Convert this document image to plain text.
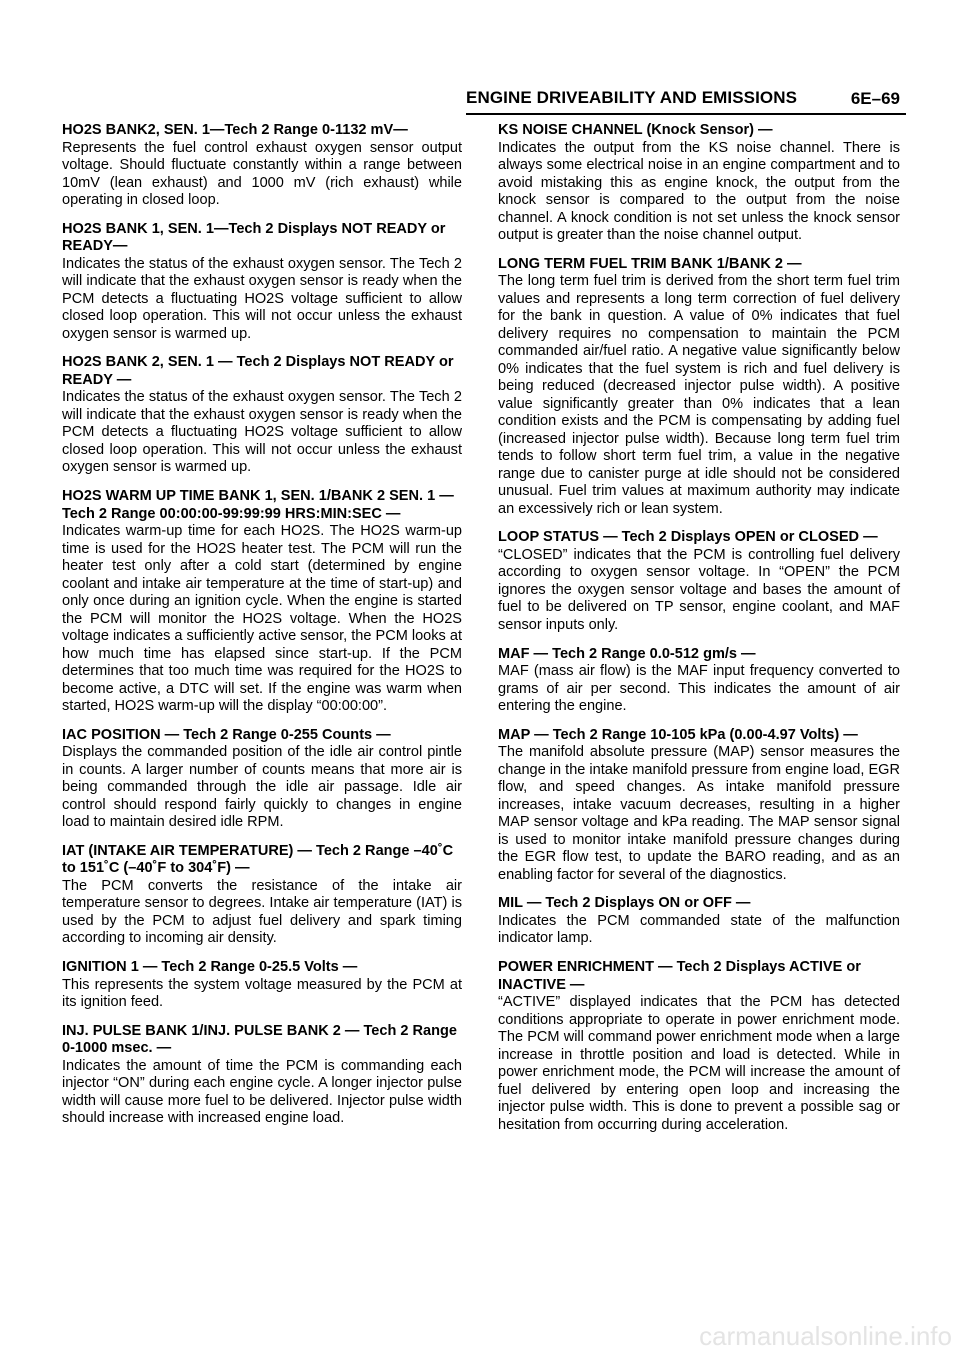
ENGINE DRIVEABILITY AND EMISSIONS	6E–69

HO2S BANK2, SEN. 1—Tech 2 Range 0-1132 mV—

Represents the fuel control exhaust oxygen sensor output voltage. Should fluctuate constantly within a range between 10mV (lean exhaust) and 1000 mV (rich exhaust) while operating in closed loop.

HO2S BANK 1, SEN. 1—Tech 2 Displays NOT READY or READY—

Indicates the status of the exhaust oxygen sensor. The Tech 2 will indicate that the exhaust oxygen sensor is ready when the PCM detects a fluctuating HO2S voltage sufficient to allow closed loop operation. This will not occur unless the exhaust oxygen sensor is warmed up.

HO2S BANK 2, SEN. 1 — Tech 2 Displays NOT READY or READY —

Indicates the status of the exhaust oxygen sensor. The Tech 2 will indicate that the exhaust oxygen sensor is ready when the PCM detects a fluctuating HO2S voltage sufficient to allow closed loop operation. This will not occur unless the exhaust oxygen sensor is warmed up.

HO2S WARM UP TIME BANK 1, SEN. 1/BANK 2 SEN. 1 — Tech 2 Range 00:00:00-99:99:99 HRS:MIN:SEC —

Indicates warm-up time for each HO2S. The HO2S warm-up time is used for the HO2S heater test. The PCM will run the heater test only after a cold start (determined by engine coolant and intake air temperature at the time of start-up) and only once during an ignition cycle. When the engine is started the PCM will monitor the HO2S voltage. When the HO2S voltage indicates a sufficiently active sensor, the PCM looks at how much time has elapsed since start-up. If the PCM determines that too much time was required for the HO2S to become active, a DTC will set. If the engine was warm when started, HO2S warm-up will the display “00:00:00”.

IAC POSITION — Tech 2 Range 0-255 Counts —

Displays the commanded position of the idle air control pintle in counts. A larger number of counts means that more air is being commanded through the idle air passage. Idle air control should respond fairly quickly to changes in engine load to maintain desired idle RPM.

IAT (INTAKE AIR TEMPERATURE) — Tech 2 Range –40˚C to 151˚C (–40˚F to 304˚F) —

The PCM converts the resistance of the intake air temperature sensor to degrees. Intake air temperature (IAT) is used by the PCM to adjust fuel delivery and spark timing according to incoming air density.

IGNITION 1 — Tech 2 Range 0-25.5 Volts —

This represents the system voltage measured by the PCM at its ignition feed.

INJ. PULSE BANK 1/INJ. PULSE BANK 2 — Tech 2 Range 0-1000 msec. —

Indicates the amount of time the PCM is commanding each injector “ON” during each engine cycle. A longer injector pulse width will cause more fuel to be delivered. Injector pulse width should increase with increased engine load.

KS NOISE CHANNEL (Knock Sensor) —

Indicates the output from the KS noise channel. There is always some electrical noise in an engine compartment and to avoid mistaking this as engine knock, the output from the knock sensor is compared to the output from the noise channel. A knock condition is not set unless the knock sensor output is greater than the noise channel output.

LONG TERM FUEL TRIM BANK 1/BANK 2 —

The long term fuel trim is derived from the short term fuel trim values and represents a long term correction of fuel delivery for the bank in question. A value of 0% indicates that fuel delivery requires no compensation to maintain the PCM commanded air/fuel ratio. A negative value significantly below 0% indicates that the fuel system is rich and fuel delivery is being reduced (decreased injector pulse width). A positive value significantly greater than 0% indicates that a lean condition exists and the PCM is compensating by adding fuel (increased injector pulse width). Because long term fuel trim tends to follow short term fuel trim, a value in the negative range due to canister purge at idle should not be considered unusual. Fuel trim values at maximum authority may indicate an excessively rich or lean system.

LOOP STATUS — Tech 2 Displays OPEN or CLOSED —

“CLOSED” indicates that the PCM is controlling fuel delivery according to oxygen sensor voltage. In “OPEN” the PCM ignores the oxygen sensor voltage and bases the amount of fuel to be delivered on TP sensor, engine coolant, and MAF sensor inputs only.

MAF — Tech 2 Range 0.0-512 gm/s —

MAF (mass air flow) is the MAF input frequency converted to grams of air per second. This indicates the amount of air entering the engine.

MAP — Tech 2 Range 10-105 kPa (0.00-4.97 Volts) —

The manifold absolute pressure (MAP) sensor measures the change in the intake manifold pressure from engine load, EGR flow, and speed changes. As intake manifold pressure increases, intake vacuum decreases, resulting in a higher MAP sensor voltage and kPa reading. The MAP sensor signal is used to monitor intake manifold pressure changes during the EGR flow test, to update the BARO reading, and as an enabling factor for several of the diagnostics.

MIL — Tech 2 Displays ON or OFF —

Indicates the PCM commanded state of the malfunction indicator lamp.

POWER ENRICHMENT — Tech 2 Displays ACTIVE or INACTIVE —

“ACTIVE” displayed indicates that the PCM has detected conditions appropriate to operate in power enrichment mode. The PCM will command power enrichment mode when a large increase in throttle position and load is detected. While in power enrichment mode, the PCM will increase the amount of fuel delivered by entering open loop and increasing the injector pulse width. This is done to prevent a possible sag or hesitation from occurring during acceleration.

carmanualsonline.info
